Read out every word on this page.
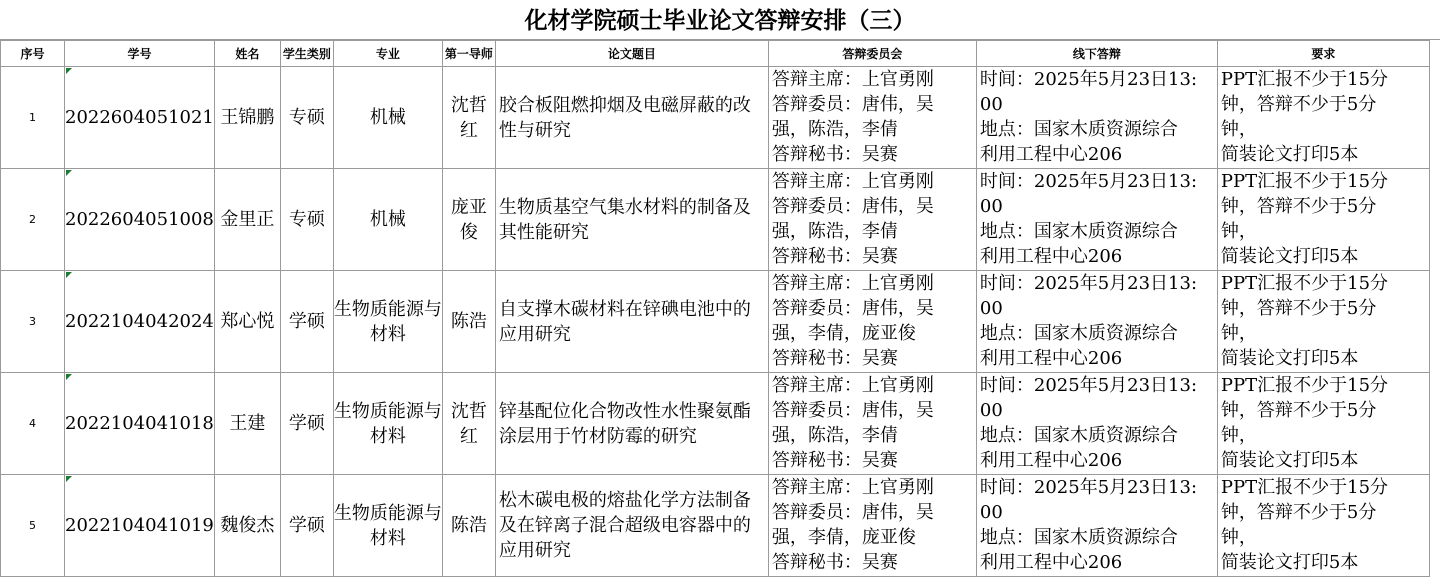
化材学院硕士毕业论文答辩安排（三）
序号	学号	姓名	学生类别	专业	第一导师	论文题目	答辩委员会	线下答辩	要求
1	2022604051021	王锦鹏	专硕	机械	沈哲红	胶合板阻燃抑烟及电磁屏蔽的改性与研究	答辩主席：上官勇刚
答辩委员：唐伟，吴
强，陈浩，李倩
答辩秘书：吴赛	时间：2025年5月23日13:
00
地点：国家木质资源综合
利用工程中心206	PPT汇报不少于15分
钟，答辩不少于5分
钟，
简装论文打印5本

2	2022604051008	金里正	专硕	机械	庞亚俊	生物质基空气集水材料的制备及其性能研究	答辩主席：上官勇刚
答辩委员：唐伟，吴
强，陈浩，李倩
答辩秘书：吴赛	时间：2025年5月23日13:
00
地点：国家木质资源综合
利用工程中心206	PPT汇报不少于15分
钟，答辩不少于5分
钟，
简装论文打印5本

3	2022104042024	郑心悦	学硕	生物质能源与材料	陈浩	自支撑木碳材料在锌碘电池中的应用研究	答辩主席：上官勇刚
答辩委员：唐伟，吴
强，李倩，庞亚俊
答辩秘书：吴赛	时间：2025年5月23日13:
00
地点：国家木质资源综合
利用工程中心206	PPT汇报不少于15分
钟，答辩不少于5分
钟，
简装论文打印5本

4	2022104041018	王建	学硕	生物质能源与材料	沈哲红	锌基配位化合物改性水性聚氨酯涂层用于竹材防霉的研究	答辩主席：上官勇刚
答辩委员：唐伟，吴
强，陈浩，李倩
答辩秘书：吴赛	时间：2025年5月23日13:
00
地点：国家木质资源综合
利用工程中心206	PPT汇报不少于15分
钟，答辩不少于5分
钟，
简装论文打印5本

5	2022104041019	魏俊杰	学硕	生物质能源与材料	陈浩	松木碳电极的熔盐化学方法制备及在锌离子混合超级电容器中的应用研究	答辩主席：上官勇刚
答辩委员：唐伟，吴
强，李倩，庞亚俊
答辩秘书：吴赛	时间：2025年5月23日13:
00
地点：国家木质资源综合
利用工程中心206	PPT汇报不少于15分
钟，答辩不少于5分
钟，
简装论文打印5本
